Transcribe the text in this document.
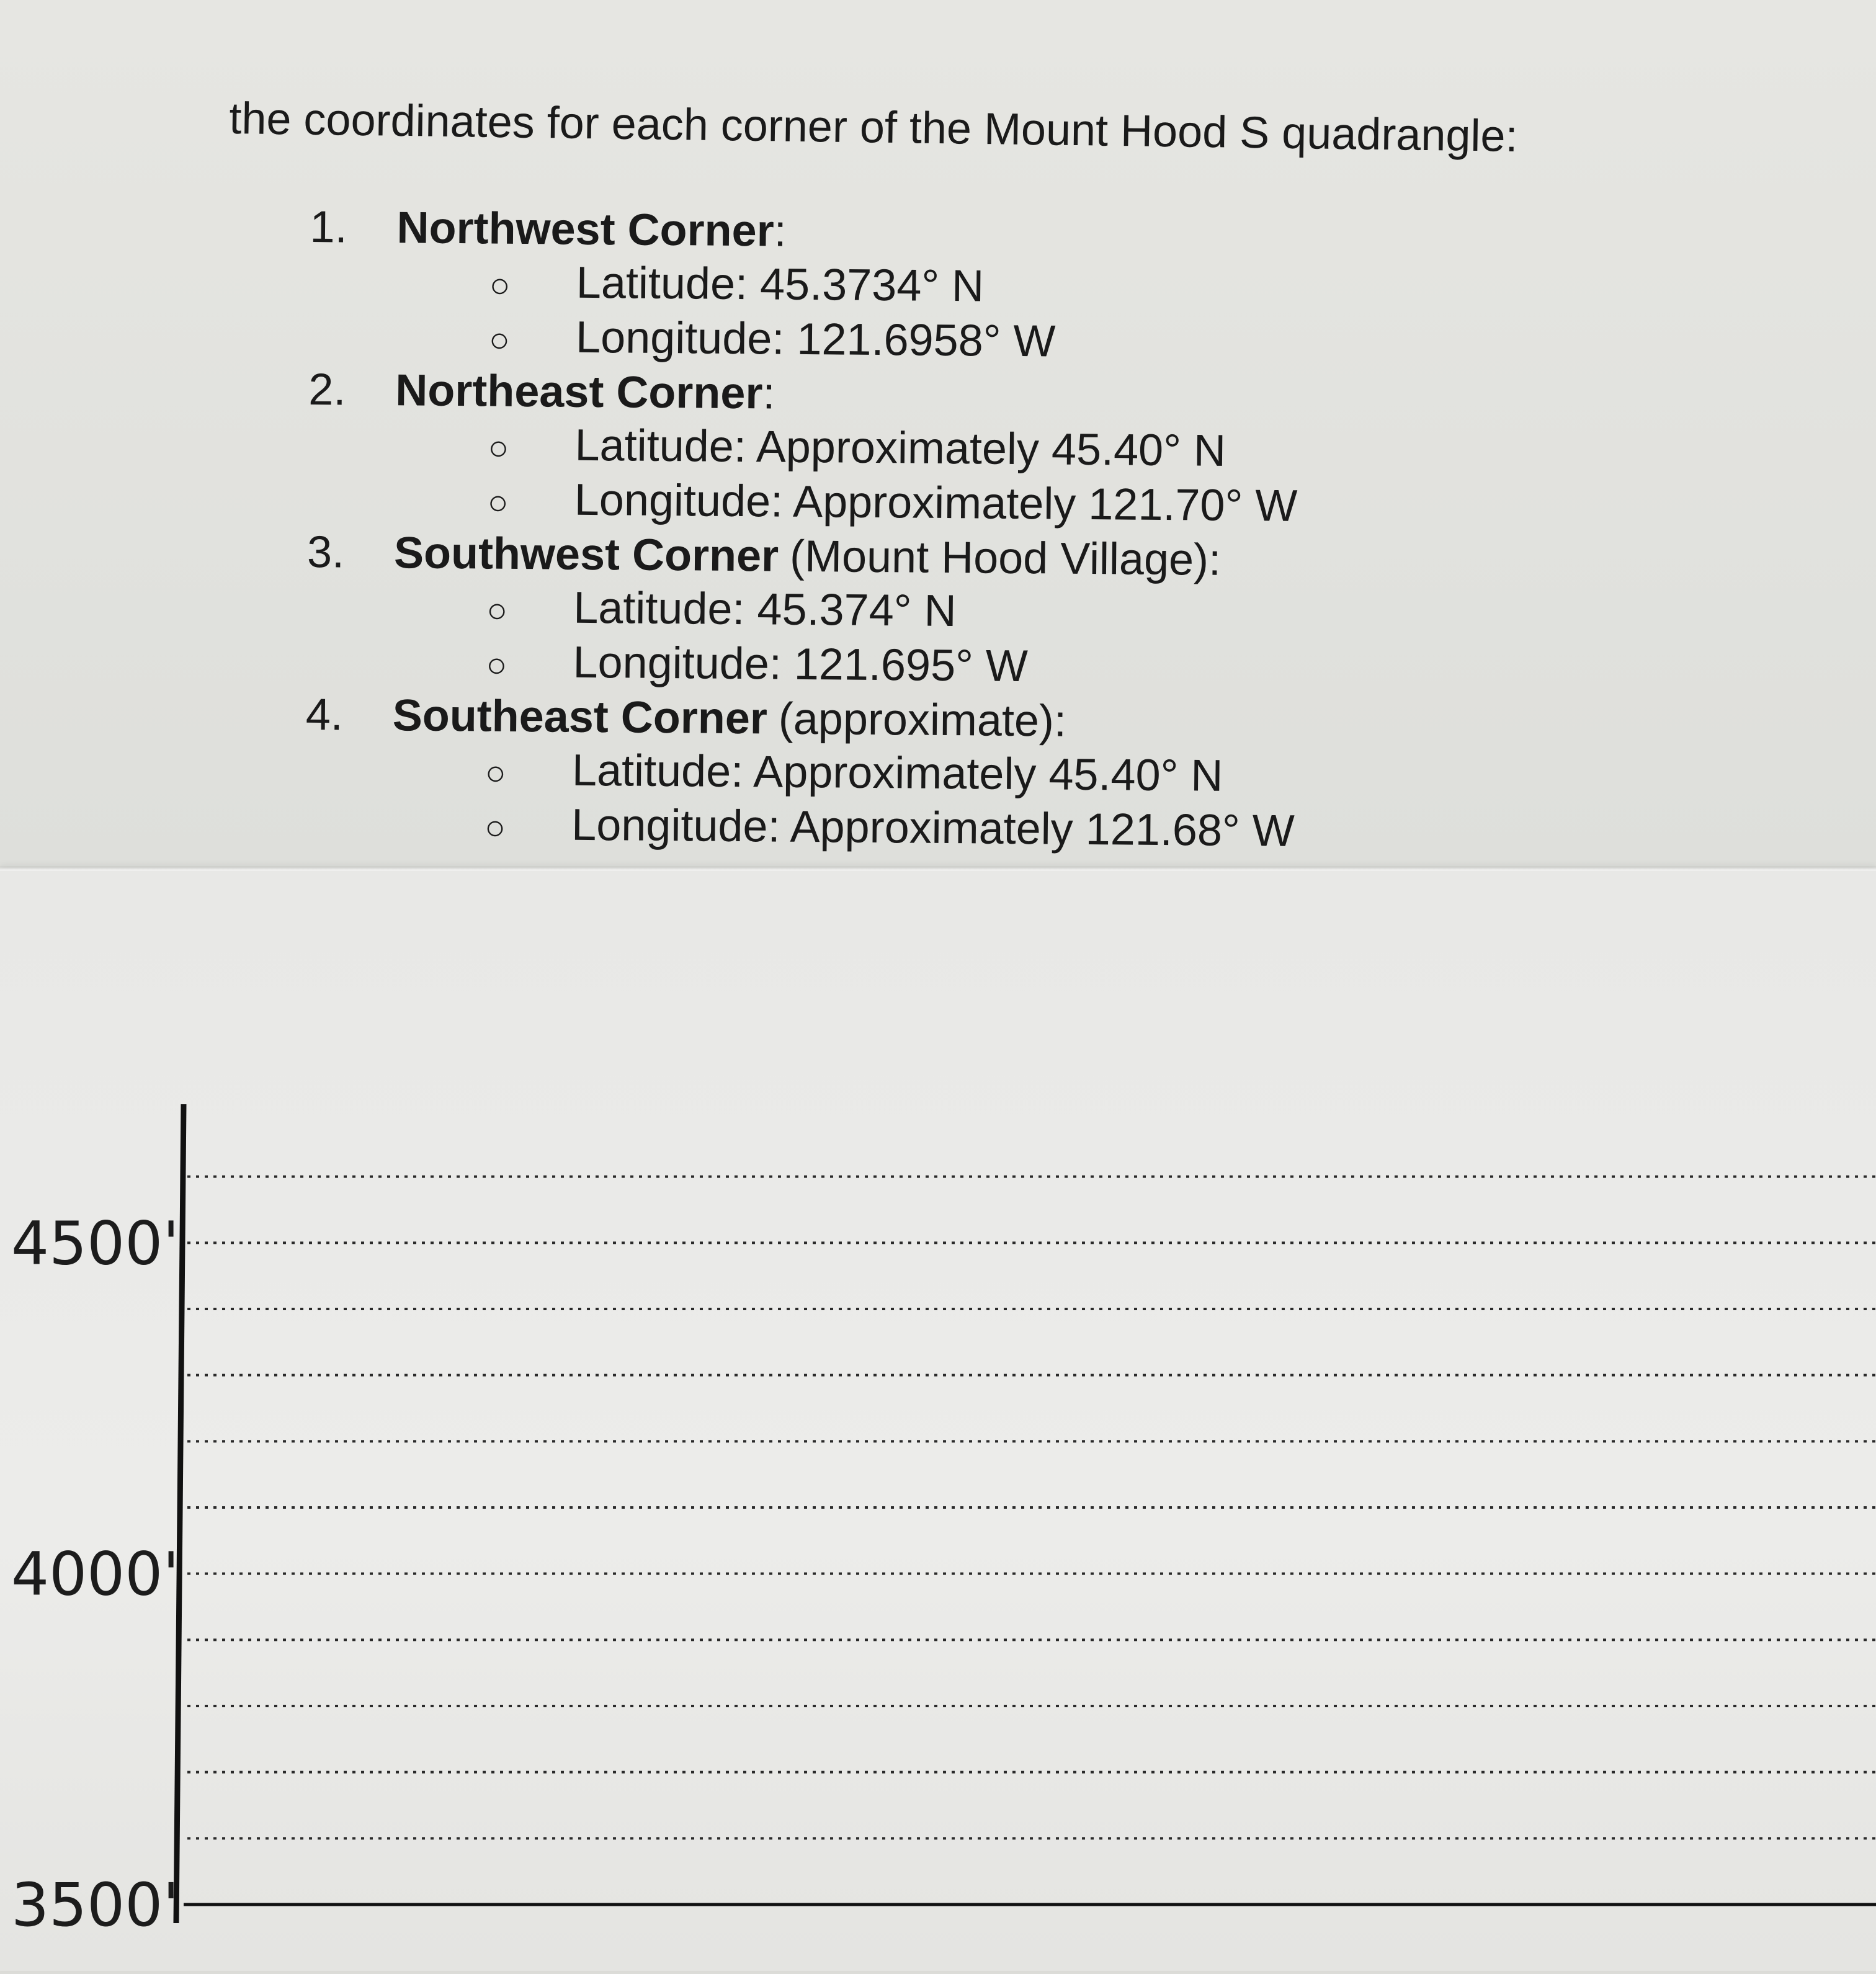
the coordinates for each corner of the Mount Hood S quadrangle:
1.	Northwest Corner :
○	Latitude: 45.3734° N
○	Longitude: 121.6958° W
2.	Northeast Corner :
○	Latitude: Approximately 45.40° N
○	Longitude: Approximately 121.70° W
3.	Southwest Corner (Mount Hood Village):
○	Latitude: 45.374° N
○	Longitude: 121.695° W
4.	Southeast Corner (approximate):
○	Latitude: Approximately 45.40° N
○	Longitude: Approximately 121.68° W
4500'
4000'
3500'
